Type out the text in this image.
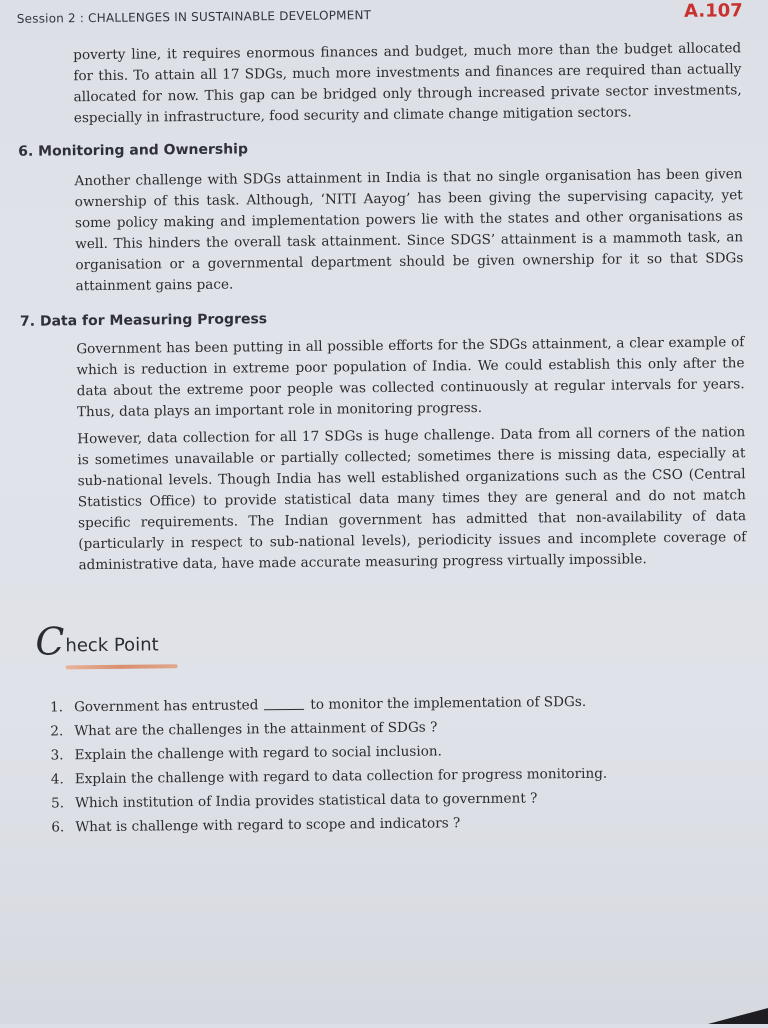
Session 2 : CHALLENGES IN SUSTAINABLE DEVELOPMENT	A.107

poverty line, it requires enormous finances and budget, much more than the budget allocated for this. To attain all 17 SDGs, much more investments and finances are required than actually allocated for now. This gap can be bridged only through increased private sector investments, especially in infrastructure, food security and climate change mitigation sectors.

6. Monitoring and Ownership

Another challenge with SDGs attainment in India is that no single organisation has been given ownership of this task. Although, ‘NITI Aayog’ has been giving the supervising capacity, yet some policy making and implementation powers lie with the states and other organisations as well. This hinders the overall task attainment. Since SDGS’ attainment is a mammoth task, an organisation or a governmental department should be given ownership for it so that SDGs attainment gains pace.

7. Data for Measuring Progress

Government has been putting in all possible efforts for the SDGs attainment, a clear example of which is reduction in extreme poor population of India. We could establish this only after the data about the extreme poor people was collected continuously at regular intervals for years. Thus, data plays an important role in monitoring progress.

However, data collection for all 17 SDGs is huge challenge. Data from all corners of the nation is sometimes unavailable or partially collected; sometimes there is missing data, especially at sub-national levels. Though India has well established organizations such as the CSO (Central Statistics Office) to provide statistical data many times they are general and do not match specific requirements. The Indian government has admitted that non-availability of data (particularly in respect to sub-national levels), periodicity issues and incomplete coverage of administrative data, have made accurate measuring progress virtually impossible.

C heck Point
1. Government has entrusted	to monitor the implementation of SDGs.
2. What are the challenges in the attainment of SDGs ?
3. Explain the challenge with regard to social inclusion.
4. Explain the challenge with regard to data collection for progress monitoring.
5. Which institution of India provides statistical data to government ?
6. What is challenge with regard to scope and indicators ?
